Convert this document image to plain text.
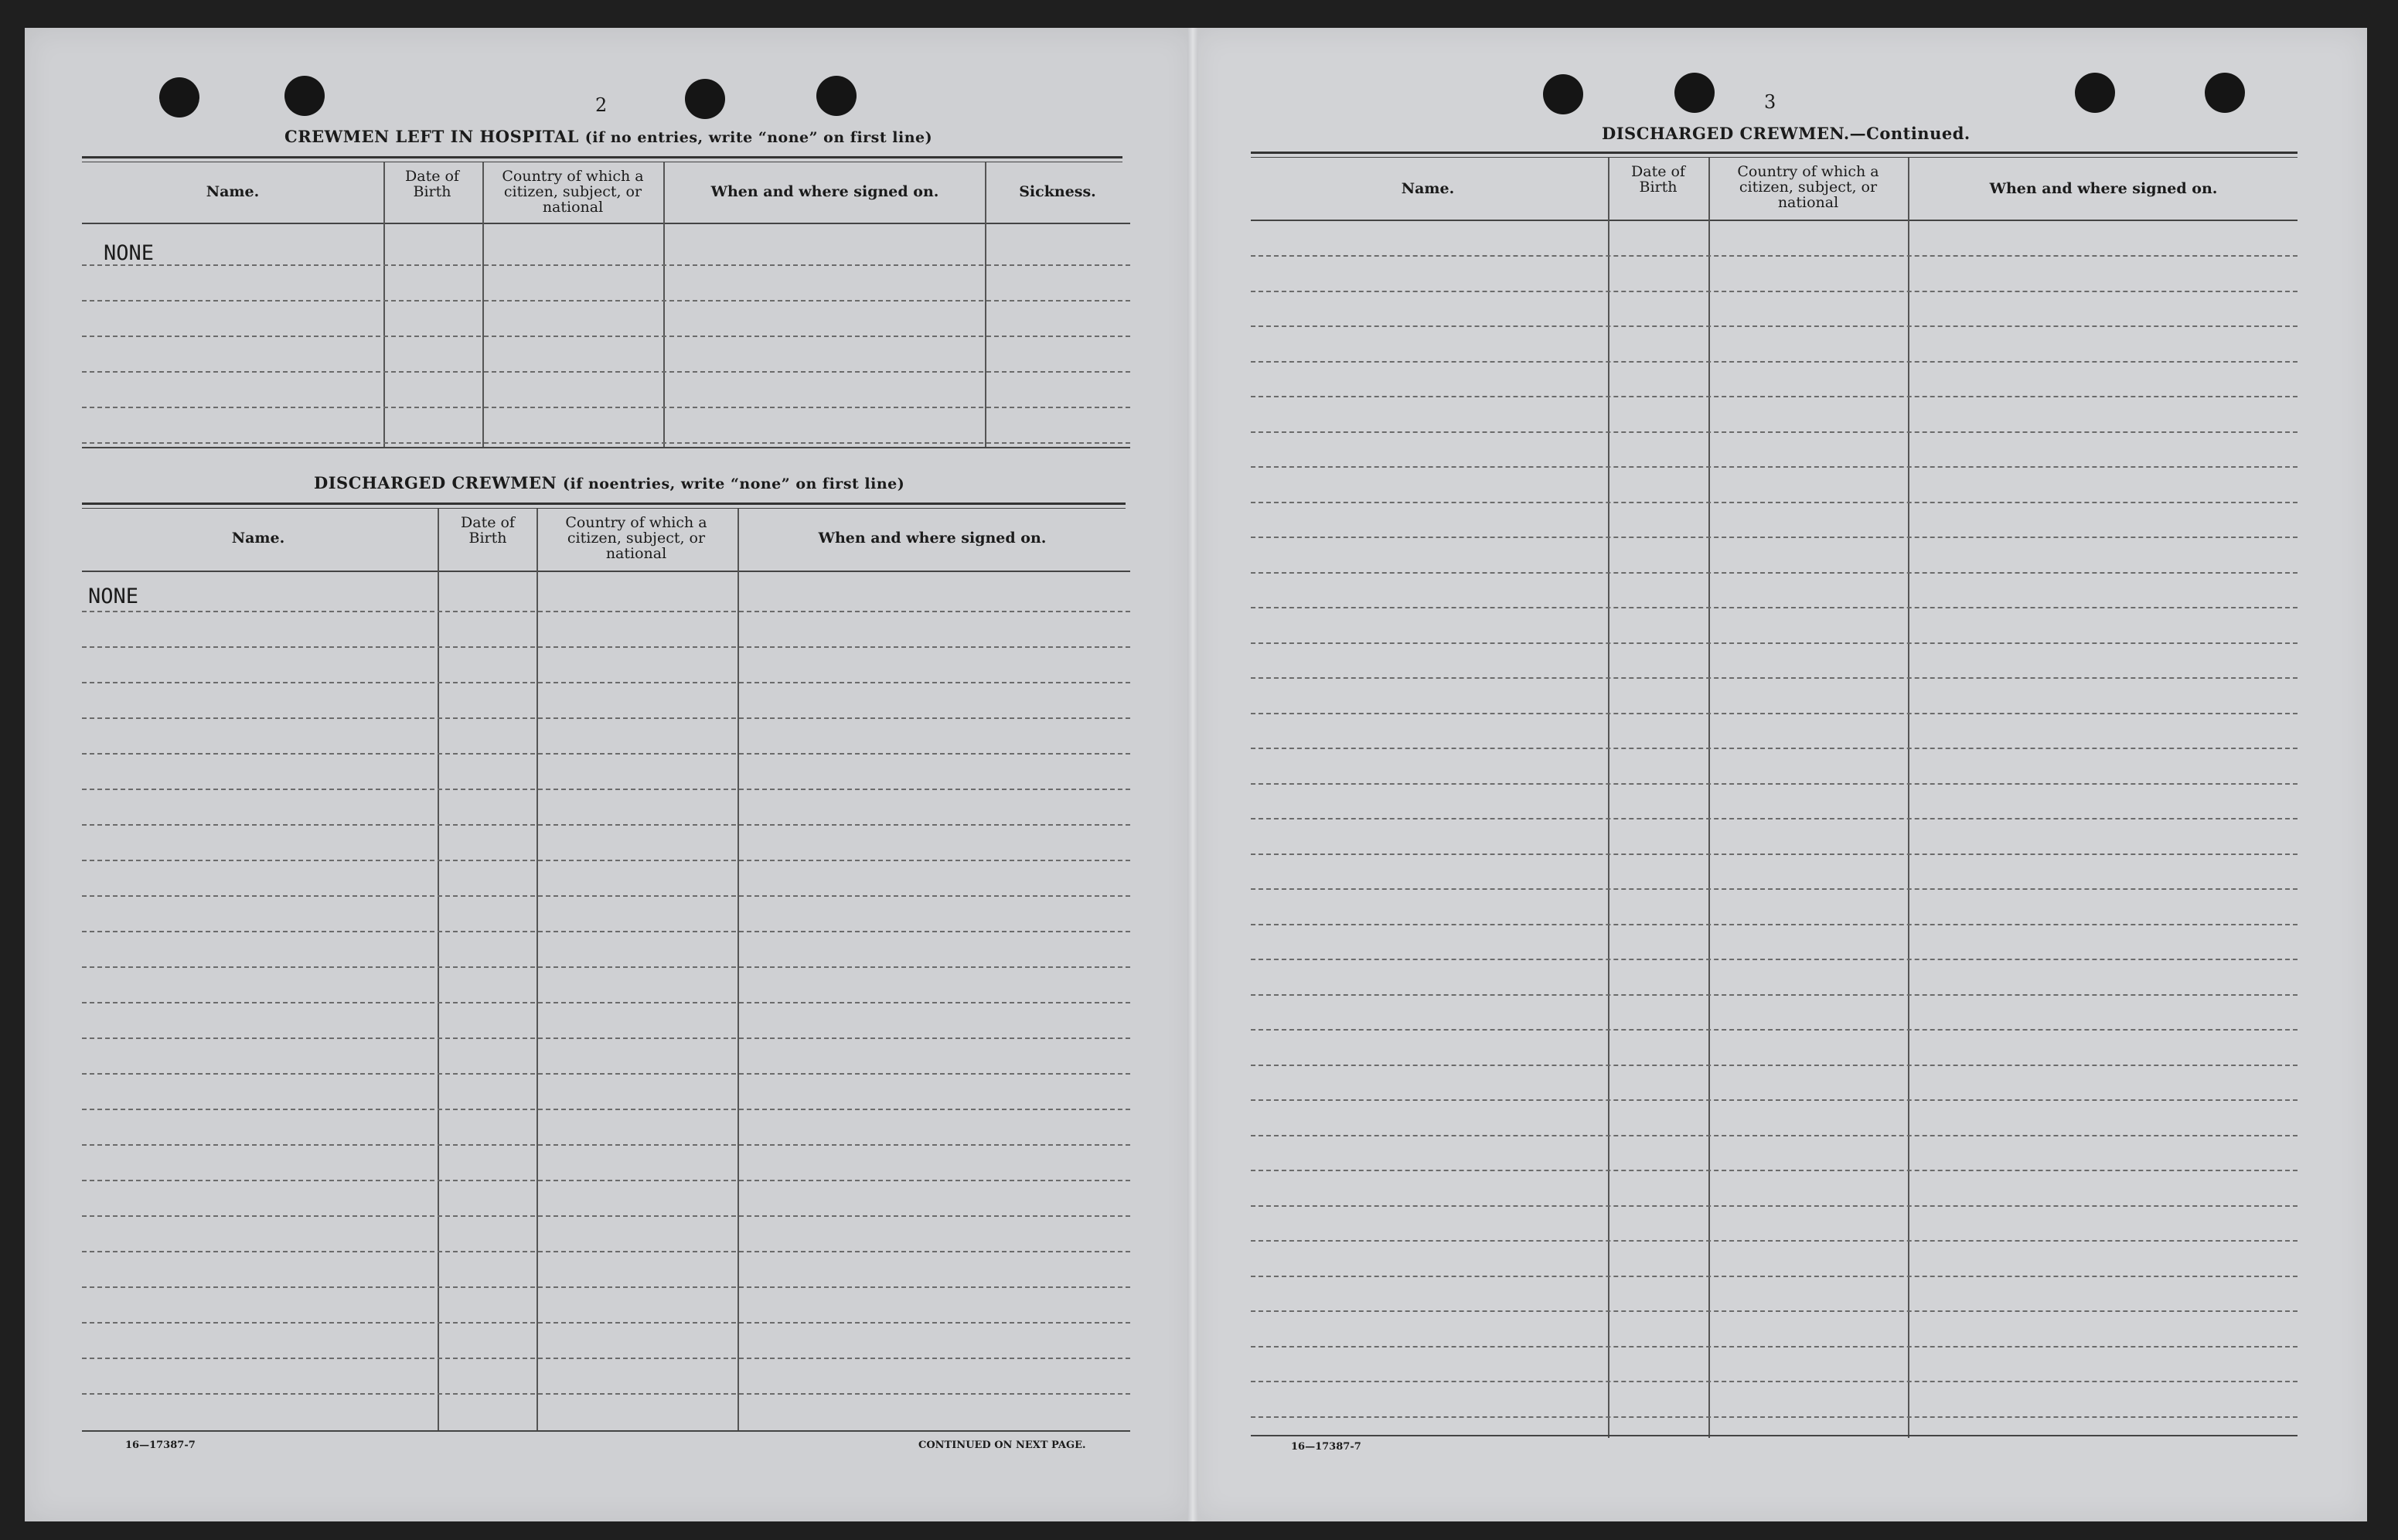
2
CREWMEN LEFT IN HOSPITAL (if no entries, write “none” on first line)
Name.
Date of Birth
Country of which a citizen, subject, or national
When and where signed on.	Sickness.
NONE
DISCHARGED CREWMEN (if noentries, write “none” on first line)
Name.
Date of Birth
Country of which a citizen, subject, or national
When and where signed on.
NONE
16—17387-7	CONTINUED ON NEXT PAGE.
3
DISCHARGED CREWMEN.—Continued.
Name.
Date of Birth
Country of which a citizen, subject, or national
When and where signed on.
16—17387-7
